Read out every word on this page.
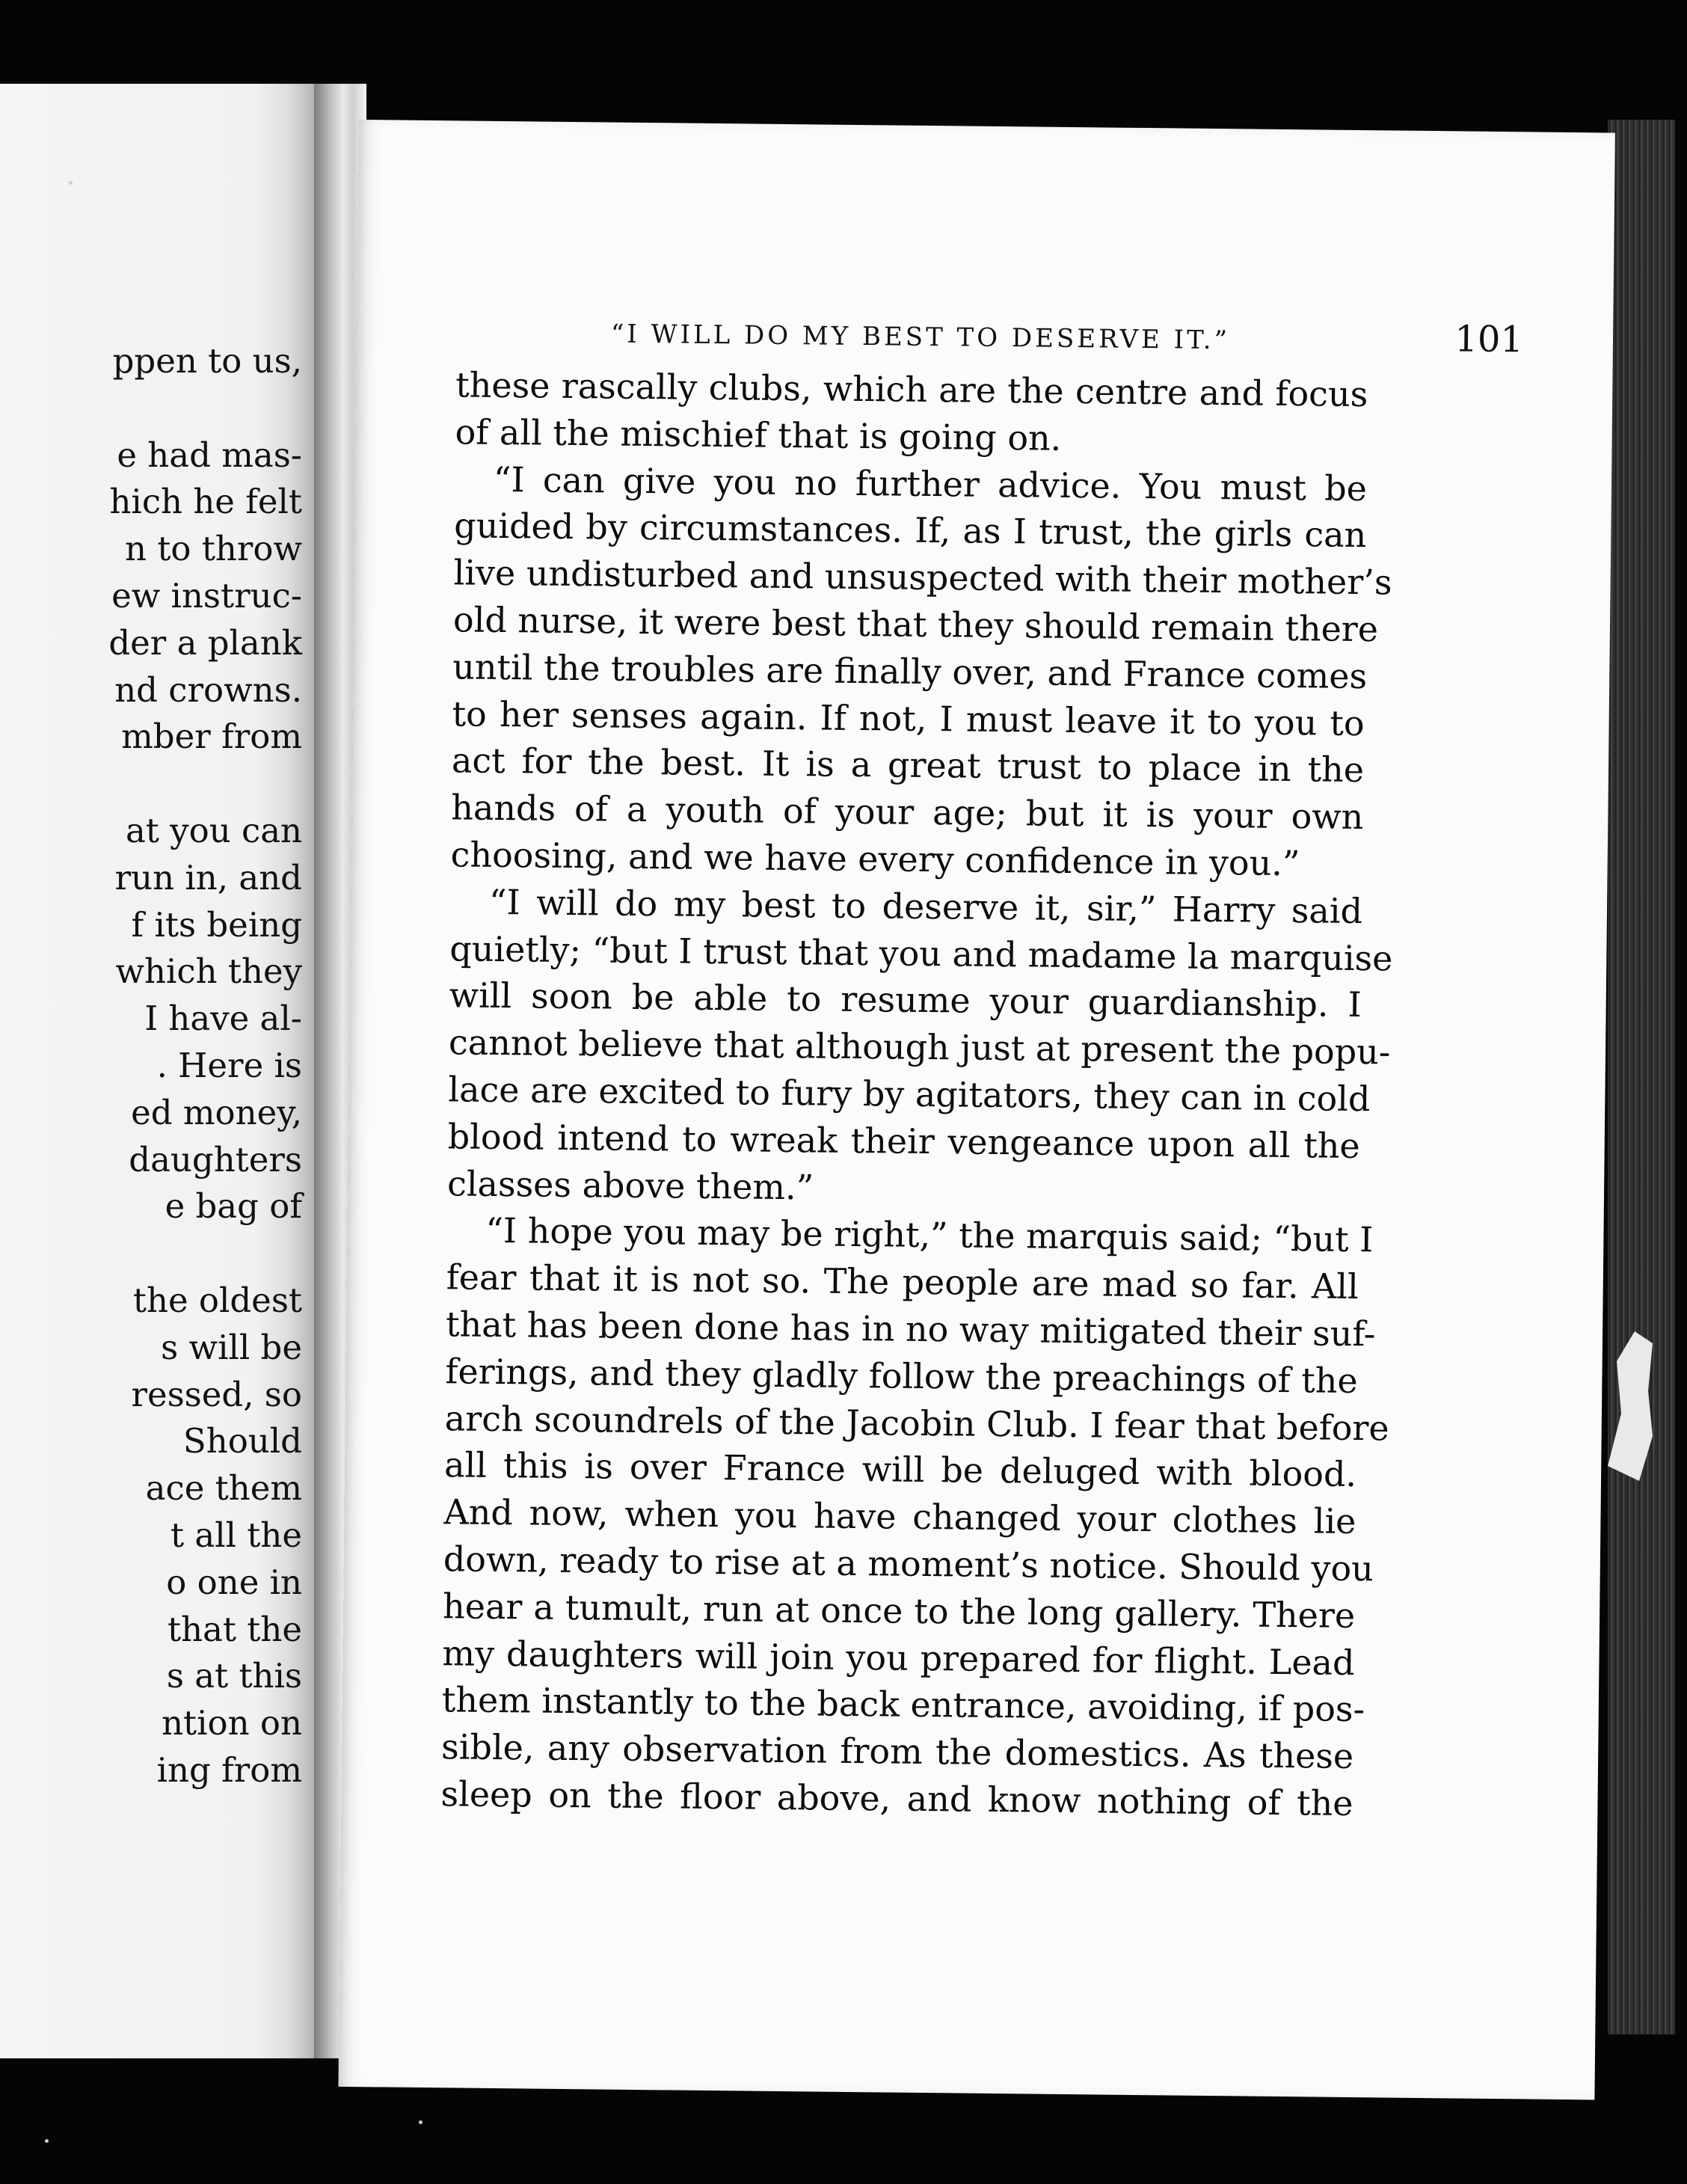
ppen to us,
e had mas-
hich he felt
n to throw
ew instruc-
der a plank
nd crowns.
mber from
at you can
run in, and
f its being
which they
I have al-
. Here is
ed money,
daughters
e bag of
the oldest
s will be
ressed, so
Should
ace them
t all the
o one in
that the
s at this
ntion on
ing from
“I WILL DO MY BEST TO DESERVE IT.”	101
these rascally clubs, which are the centre and focus
of all the mischief that is going on.
“I can give you no further advice. You must be
guided by circumstances. If, as I trust, the girls can
live undisturbed and unsuspected with their mother’s
old nurse, it were best that they should remain there
until the troubles are finally over, and France comes
to her senses again. If not, I must leave it to you to
act for the best. It is a great trust to place in the
hands of a youth of your age; but it is your own
choosing, and we have every confidence in you.”
“I will do my best to deserve it, sir,” Harry said
quietly; “but I trust that you and madame la marquise
will soon be able to resume your guardianship. I
cannot believe that although just at present the popu-
lace are excited to fury by agitators, they can in cold
blood intend to wreak their vengeance upon all the
classes above them.”
“I hope you may be right,” the marquis said; “but I
fear that it is not so. The people are mad so far. All
that has been done has in no way mitigated their suf-
ferings, and they gladly follow the preachings of the
arch scoundrels of the Jacobin Club. I fear that before
all this is over France will be deluged with blood.
And now, when you have changed your clothes lie
down, ready to rise at a moment’s notice. Should you
hear a tumult, run at once to the long gallery. There
my daughters will join you prepared for flight. Lead
them instantly to the back entrance, avoiding, if pos-
sible, any observation from the domestics. As these
sleep on the floor above, and know nothing of the
